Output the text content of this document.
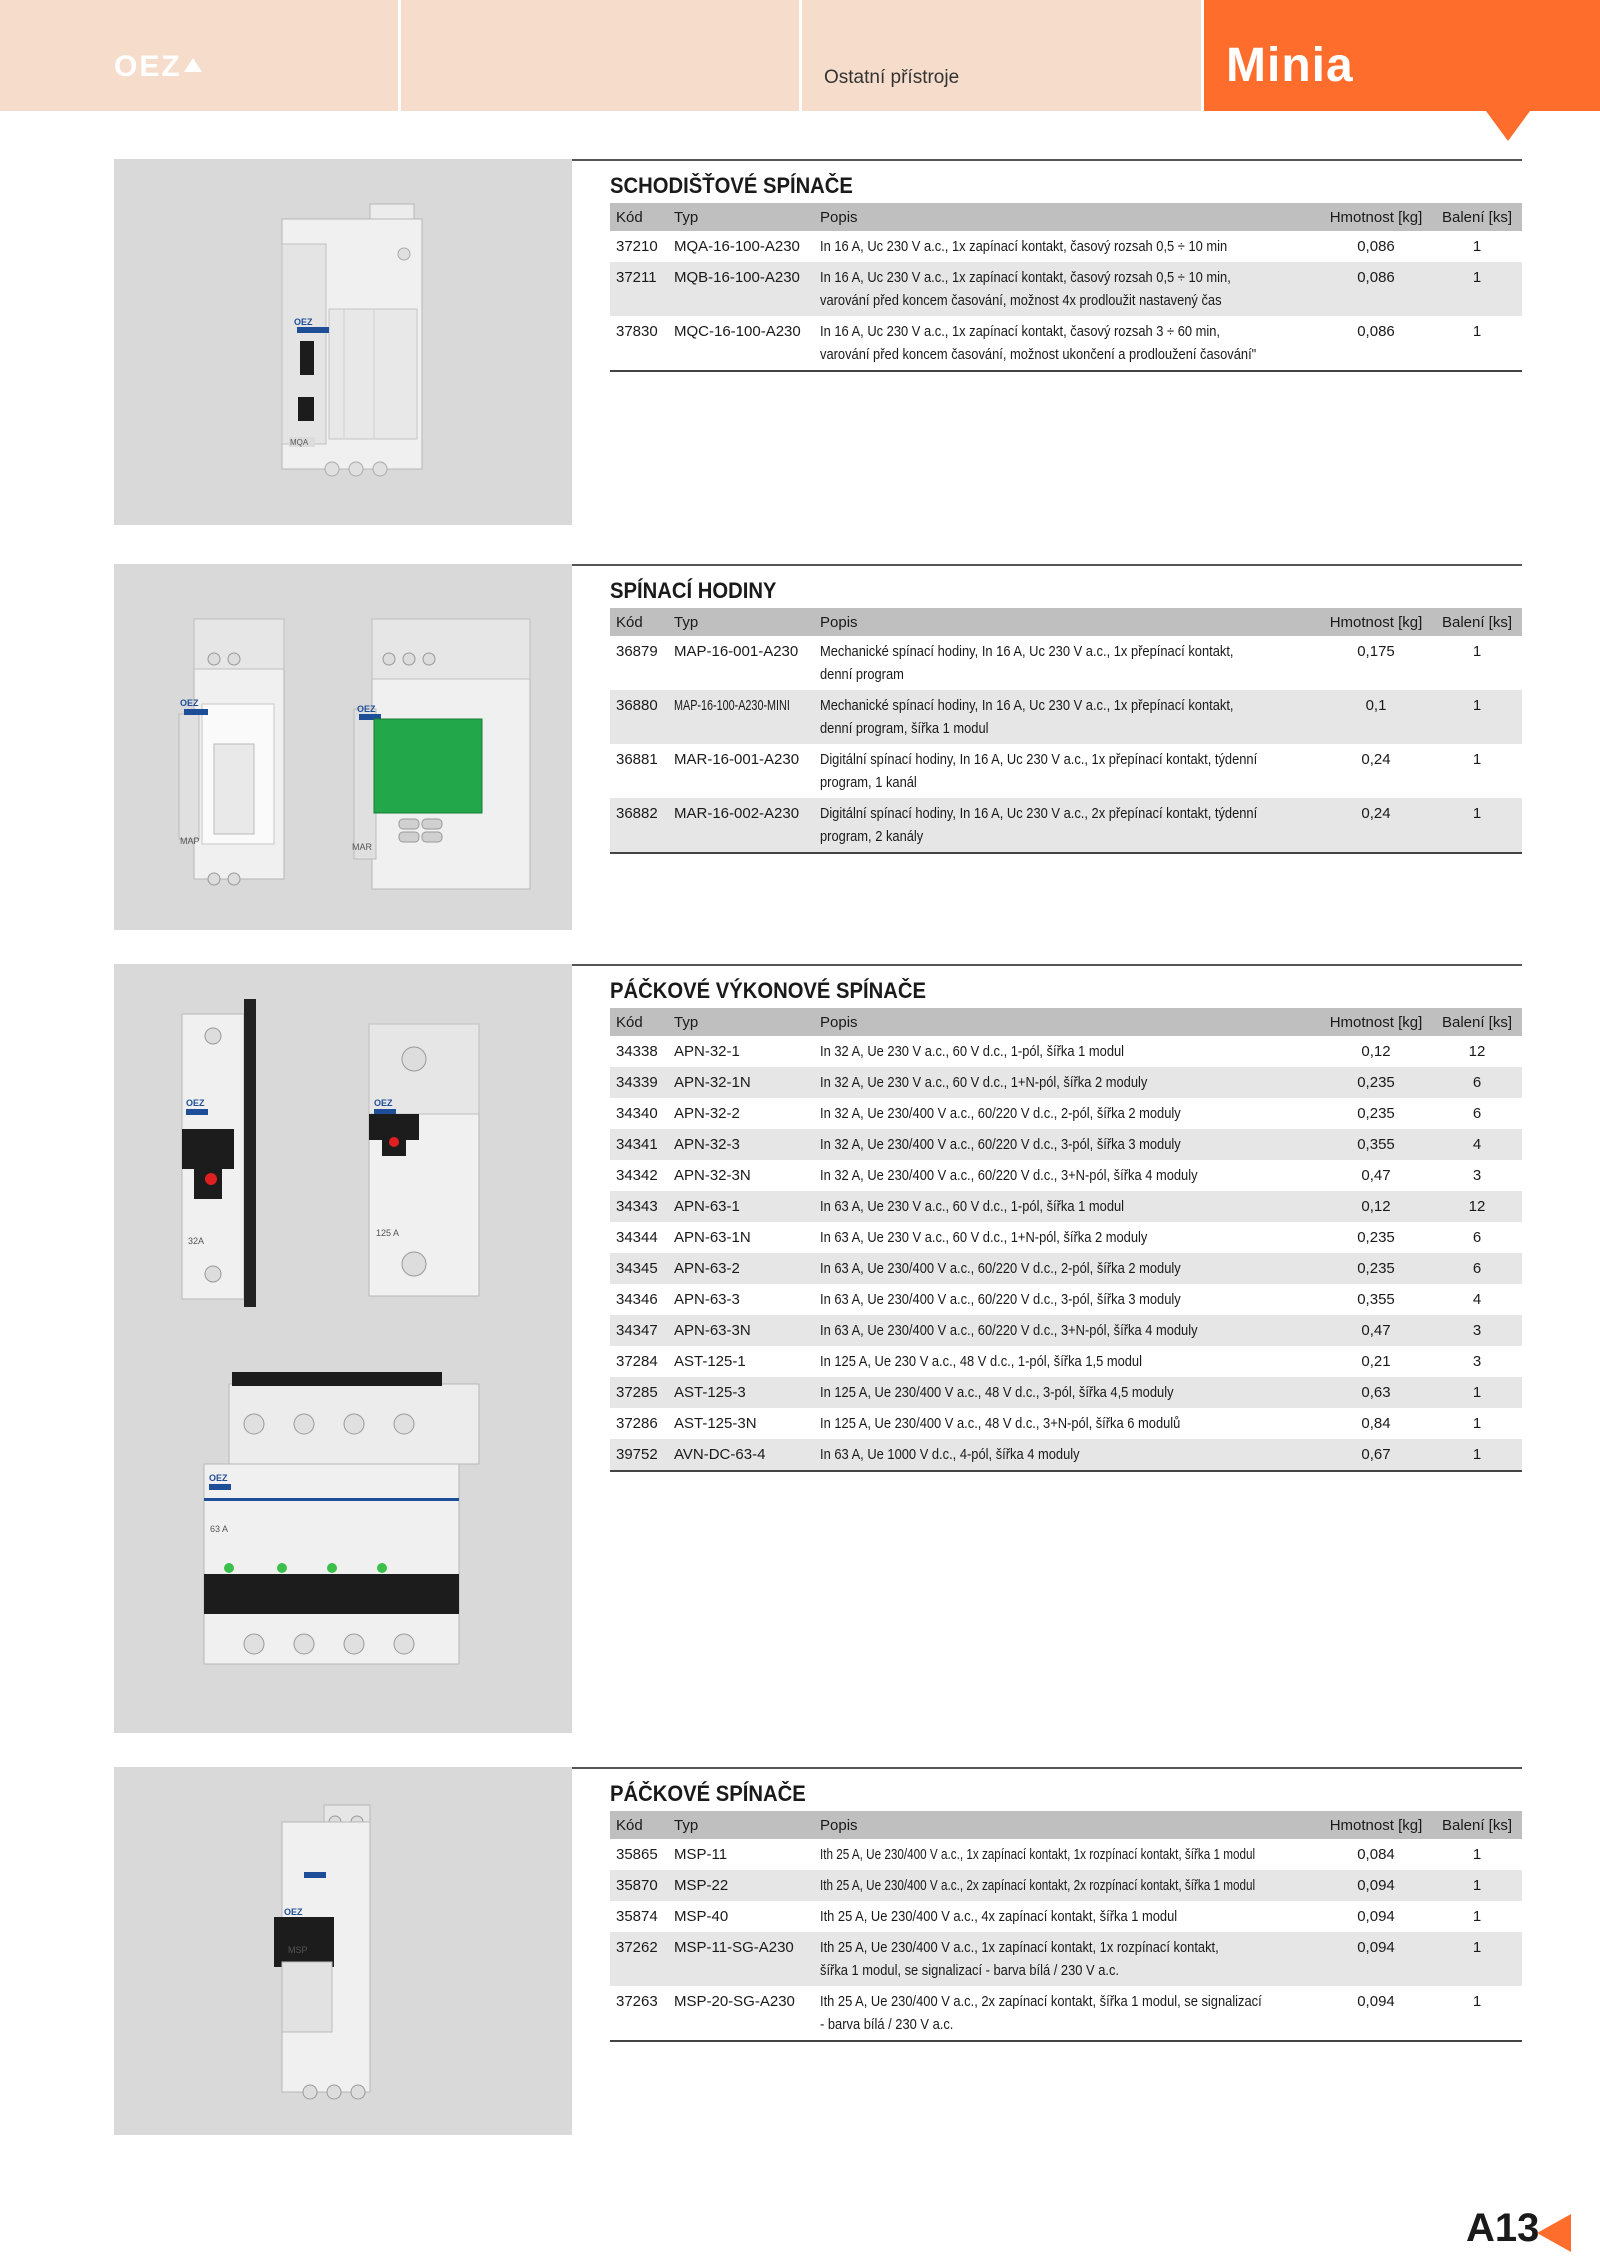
OEZ	Ostatní přístroje	Minia
OEZ
MQA
SCHODIŠŤOVÉ SPÍNAČE
Kód	Typ	Popis	Hmotnost [kg]	Balení [ks]
37210	MQA-16-100-A230	In 16 A, Uc 230 V a.c., 1x zapínací kontakt, časový rozsah 0,5 ÷ 10 min	0,086	1
37211	MQB-16-100-A230	In 16 A, Uc 230 V a.c., 1x zapínací kontakt, časový rozsah 0,5 ÷ 10 min,
varování před koncem časování, možnost 4x prodloužit nastavený čas	0,086	1
37830	MQC-16-100-A230	In 16 A, Uc 230 V a.c., 1x zapínací kontakt, časový rozsah 3 ÷ 60 min,
varování před koncem časování, možnost ukončení a prodloužení časování"	0,086	1
OEZ
MAP
OEZ
MAR
SPÍNACÍ HODINY
Kód	Typ	Popis	Hmotnost [kg]	Balení [ks]
36879	MAP-16-001-A230	Mechanické spínací hodiny, In 16 A, Uc 230 V a.c., 1x přepínací kontakt,
denní program	0,175	1
36880	MAP-16-100-A230-MINI	Mechanické spínací hodiny, In 16 A, Uc 230 V a.c., 1x přepínací kontakt,
denní program, šířka 1 modul	0,1	1
36881	MAR-16-001-A230	Digitální spínací hodiny, In 16 A, Uc 230 V a.c., 1x přepínací kontakt, týdenní
program, 1 kanál	0,24	1
36882	MAR-16-002-A230	Digitální spínací hodiny, In 16 A, Uc 230 V a.c., 2x přepínací kontakt, týdenní
program, 2 kanály	0,24	1
OEZ
32A
OEZ
125 A
OEZ
63 A
PÁČKOVÉ VÝKONOVÉ SPÍNAČE
Kód	Typ	Popis	Hmotnost [kg]	Balení [ks]
34338	APN-32-1	In 32 A, Ue 230 V a.c., 60 V d.c., 1-pól, šířka 1 modul	0,12	12
34339	APN-32-1N	In 32 A, Ue 230 V a.c., 60 V d.c., 1+N-pól, šířka 2 moduly	0,235	6
34340	APN-32-2	In 32 A, Ue 230/400 V a.c., 60/220 V d.c., 2-pól, šířka 2 moduly	0,235	6
34341	APN-32-3	In 32 A, Ue 230/400 V a.c., 60/220 V d.c., 3-pól, šířka 3 moduly	0,355	4
34342	APN-32-3N	In 32 A, Ue 230/400 V a.c., 60/220 V d.c., 3+N-pól, šířka 4 moduly	0,47	3
34343	APN-63-1	In 63 A, Ue 230 V a.c., 60 V d.c., 1-pól, šířka 1 modul	0,12	12
34344	APN-63-1N	In 63 A, Ue 230 V a.c., 60 V d.c., 1+N-pól, šířka 2 moduly	0,235	6
34345	APN-63-2	In 63 A, Ue 230/400 V a.c., 60/220 V d.c., 2-pól, šířka 2 moduly	0,235	6
34346	APN-63-3	In 63 A, Ue 230/400 V a.c., 60/220 V d.c., 3-pól, šířka 3 moduly	0,355	4
34347	APN-63-3N	In 63 A, Ue 230/400 V a.c., 60/220 V d.c., 3+N-pól, šířka 4 moduly	0,47	3
37284	AST-125-1	In 125 A, Ue 230 V a.c., 48 V d.c., 1-pól, šířka 1,5 modul	0,21	3
37285	AST-125-3	In 125 A, Ue 230/400 V a.c., 48 V d.c., 3-pól, šířka 4,5 moduly	0,63	1
37286	AST-125-3N	In 125 A, Ue 230/400 V a.c., 48 V d.c., 3+N-pól, šířka 6 modulů	0,84	1
39752	AVN-DC-63-4	In 63 A, Ue 1000 V d.c., 4-pól, šířka 4 moduly	0,67	1
OEZ
MSP
PÁČKOVÉ SPÍNAČE
Kód	Typ	Popis	Hmotnost [kg]	Balení [ks]
35865	MSP-11	Ith 25 A, Ue 230/400 V a.c., 1x zapínací kontakt, 1x rozpínací kontakt, šířka 1 modul	0,084	1
35870	MSP-22	Ith 25 A, Ue 230/400 V a.c., 2x zapínací kontakt, 2x rozpínací kontakt, šířka 1 modul	0,094	1
35874	MSP-40	Ith 25 A, Ue 230/400 V a.c., 4x zapínací kontakt, šířka 1 modul	0,094	1
37262	MSP-11-SG-A230	Ith 25 A, Ue 230/400 V a.c., 1x zapínací kontakt, 1x rozpínací kontakt,
šířka 1 modul, se signalizací - barva bílá / 230 V a.c.	0,094	1
37263	MSP-20-SG-A230	Ith 25 A, Ue 230/400 V a.c., 2x zapínací kontakt, šířka 1 modul, se signalizací
- barva bílá / 230 V a.c.	0,094	1
A13
